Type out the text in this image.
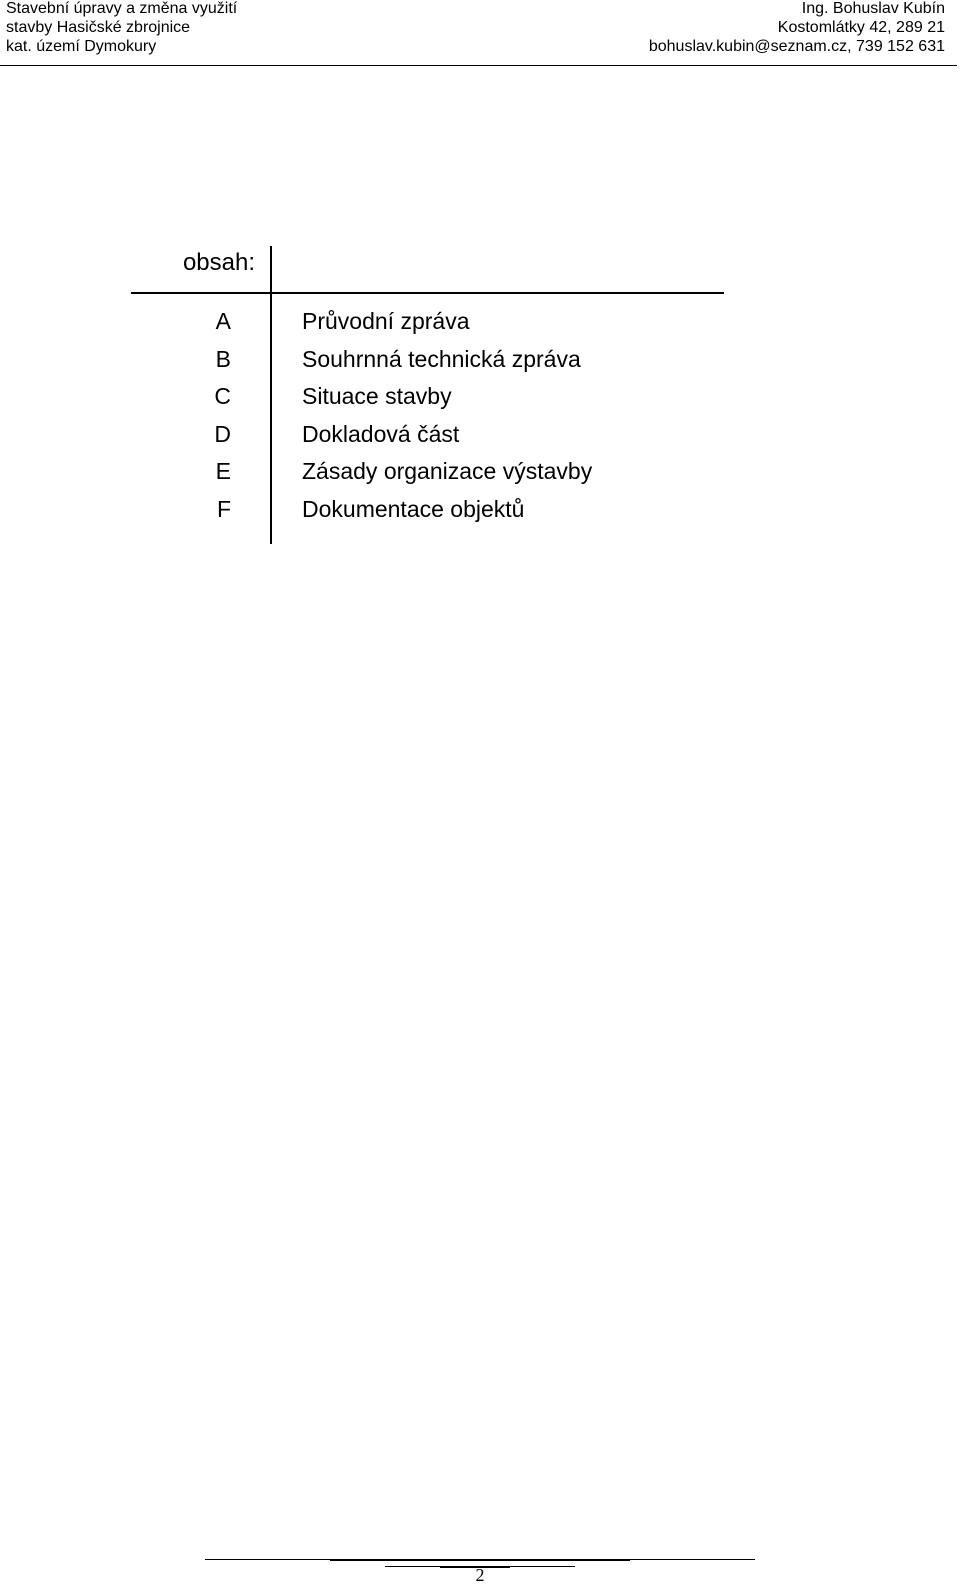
Stavební úpravy a změna využití
stavby Hasičské zbrojnice
kat. území Dymokury
Ing. Bohuslav Kubín
Kostomlátky 42, 289 21
bohuslav.kubin@seznam.cz, 739 152 631
obsah:
A	Průvodní zpráva
B	Souhrnná technická zpráva
C	Situace stavby
D	Dokladová část
E	Zásady organizace výstavby
F	Dokumentace objektů
2
